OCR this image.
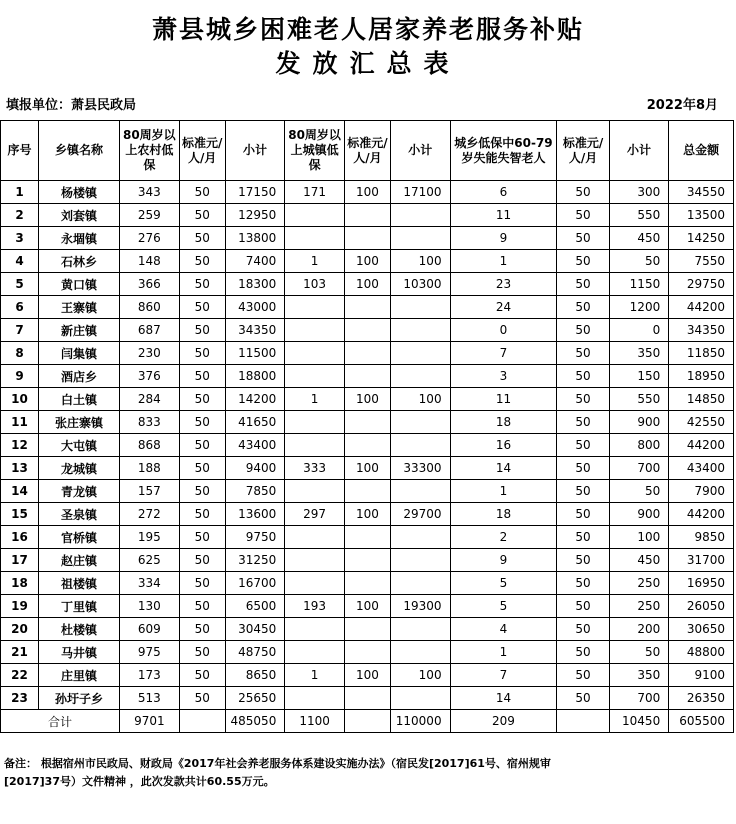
萧县城乡困难老人居家养老服务补贴
发放汇总表
填报单位：萧县民政局	2022年8月
序号	乡镇名称	80周岁以上农村低保	标准元/人/月	小计	80周岁以上城镇低保	标准元/人/月	小计	城乡低保中60-79岁失能失智老人	标准元/人/月	小计	总金额
1	杨楼镇	343	50	17150	171	100	17100	6	50	300	34550
2	刘套镇	259	50	12950				11	50	550	13500
3	永堌镇	276	50	13800				9	50	450	14250
4	石林乡	148	50	7400	1	100	100	1	50	50	7550
5	黄口镇	366	50	18300	103	100	10300	23	50	1150	29750
6	王寨镇	860	50	43000				24	50	1200	44200
7	新庄镇	687	50	34350				0	50	0	34350
8	闫集镇	230	50	11500				7	50	350	11850
9	酒店乡	376	50	18800				3	50	150	18950
10	白土镇	284	50	14200	1	100	100	11	50	550	14850
11	张庄寨镇	833	50	41650				18	50	900	42550
12	大屯镇	868	50	43400				16	50	800	44200
13	龙城镇	188	50	9400	333	100	33300	14	50	700	43400
14	青龙镇	157	50	7850				1	50	50	7900
15	圣泉镇	272	50	13600	297	100	29700	18	50	900	44200
16	官桥镇	195	50	9750				2	50	100	9850
17	赵庄镇	625	50	31250				9	50	450	31700
18	祖楼镇	334	50	16700				5	50	250	16950
19	丁里镇	130	50	6500	193	100	19300	5	50	250	26050
20	杜楼镇	609	50	30450				4	50	200	30650
21	马井镇	975	50	48750				1	50	50	48800
22	庄里镇	173	50	8650	1	100	100	7	50	350	9100
23	孙圩子乡	513	50	25650				14	50	700	26350
合计		9701		485050	1100		110000	209		10450	605500
备注： 根据宿州市民政局、财政局《2017年社会养老服务体系建设实施办法》（宿民发[2017]61号、宿州规审
[2017]37号）文件精神 ，此次发款共计60.55万元。
